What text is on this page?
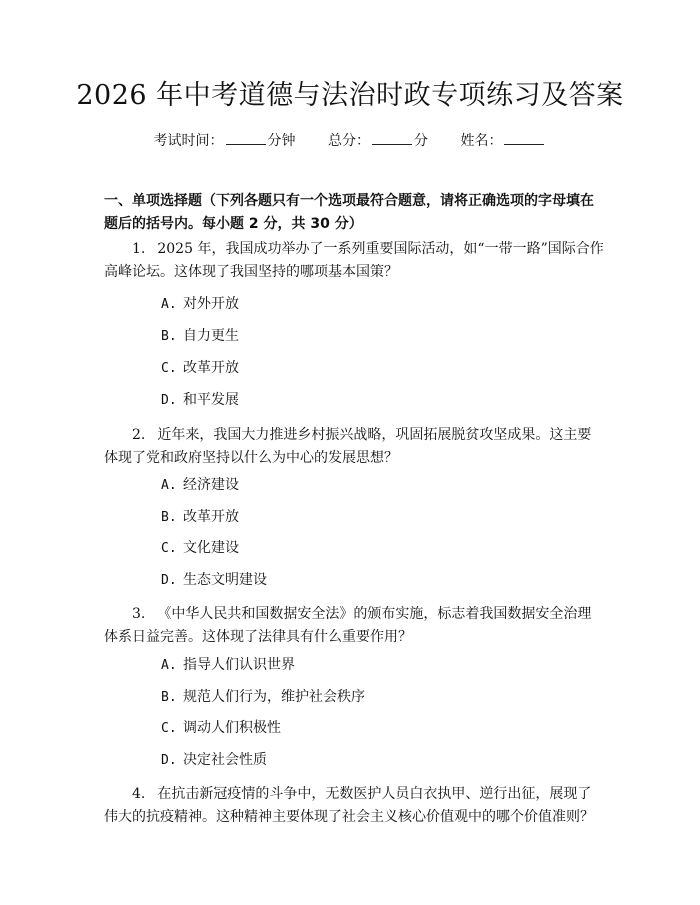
2026 年中考道德与法治时政专项练习及答案
考试时间：	分钟 总分：	分 姓名：
一、单项选择题（下列各题只有一个选项最符合题意，请将正确选项的字母填在题后的括号内。每小题 2 分，共 30 分）
1. 2025 年，我国成功举办了一系列重要国际活动，如“一带一路”国际合作高峰论坛。这体现了我国坚持的哪项基本国策？
A. 对外开放
B. 自力更生
C. 改革开放
D. 和平发展
2. 近年来，我国大力推进乡村振兴战略，巩固拓展脱贫攻坚成果。这主要体现了党和政府坚持以什么为中心的发展思想？
A. 经济建设
B. 改革开放
C. 文化建设
D. 生态文明建设
3. 《中华人民共和国数据安全法》的颁布实施，标志着我国数据安全治理体系日益完善。这体现了法律具有什么重要作用？
A. 指导人们认识世界
B. 规范人们行为，维护社会秩序
C. 调动人们积极性
D. 决定社会性质
4. 在抗击新冠疫情的斗争中，无数医护人员白衣执甲、逆行出征，展现了伟大的抗疫精神。这种精神主要体现了社会主义核心价值观中的哪个价值准则？
